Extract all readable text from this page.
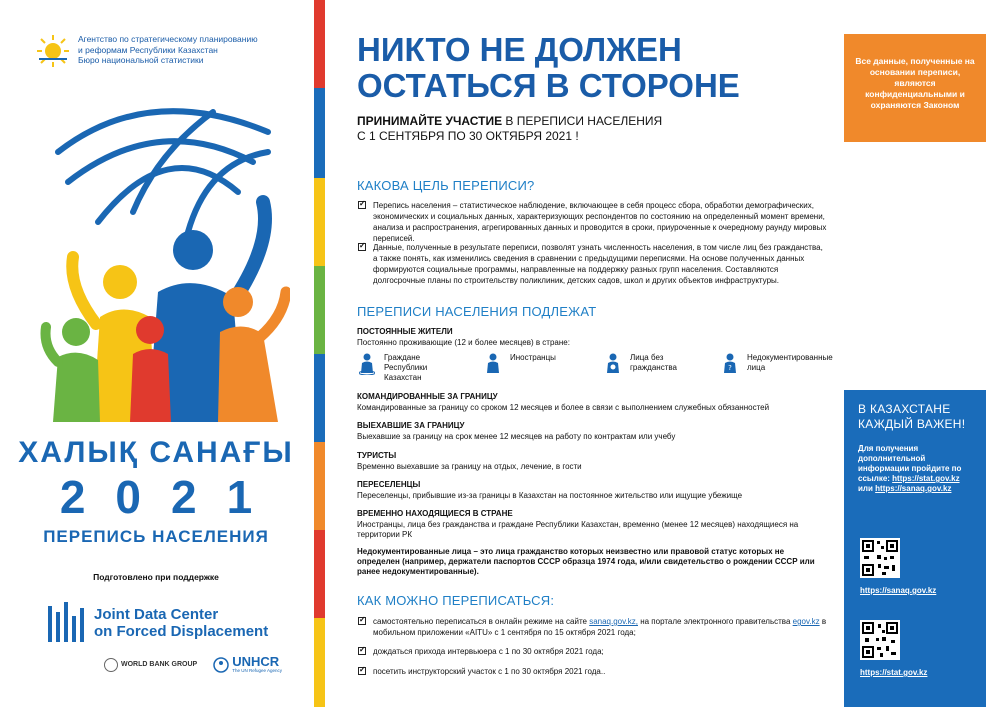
Агентство по стратегическому планированию
и реформам Республики Казахстан
Бюро национальной статистики
ХАЛЫҚ САНАҒЫ
2021
ПЕРЕПИСЬ НАСЕЛЕНИЯ
Подготовлено при поддержке
Joint Data Center
on Forced Displacement
WORLD BANK GROUP	UNHCR
The UN Refugee Agency
НИКТО НЕ ДОЛЖЕН
ОСТАТЬСЯ В СТОРОНЕ
ПРИНИМАЙТЕ УЧАСТИЕ В ПЕРЕПИСИ НАСЕЛЕНИЯ
С 1 СЕНТЯБРЯ ПО 30 ОКТЯБРЯ 2021 !
КАКОВА ЦЕЛЬ ПЕРЕПИСИ?
✓
Перепись населения – статистическое наблюдение, включающее в себя процесс сбора, обработки демографических, экономических и социальных данных, характеризующих респондентов по состоянию на определенный момент времени, анализа и распространения, агрегированных данных и проводится в сроки, приуроченные к очередному раунду мировых переписей.
✓
Данные, полученные в результате переписи, позволят узнать численность населения, в том числе лиц без гражданства, а также понять, как изменились сведения в сравнении с предыдущими переписями. На основе полученных данных формируются социальные программы, направленные на поддержку разных групп населения. Составляются долгосрочные планы по строительству поликлиник, детских садов, школ и других объектов инфраструктуры.
ПЕРЕПИСИ НАСЕЛЕНИЯ ПОДЛЕЖАТ
ПОСТОЯННЫЕ ЖИТЕЛИ
Постоянно проживающие (12 и более месяцев) в стране:
Граждане Республики Казахстан
Иностранцы	Лица без гражданства	?
Недокументированные лица
КОМАНДИРОВАННЫЕ ЗА ГРАНИЦУ
Командированные за границу со сроком 12 месяцев и более в связи с выполнением служебных обязанностей
ВЫЕХАВШИЕ ЗА ГРАНИЦУ
Выехавшие за границу на срок менее 12 месяцев на работу по контрактам или учебу
ТУРИСТЫ
Временно выехавшие за границу на отдых, лечение, в гости
ПЕРЕСЕЛЕНЦЫ
Переселенцы, прибывшие из-за границы в Казахстан на постоянное жительство или ищущие убежище
ВРЕМЕННО НАХОДЯЩИЕСЯ В СТРАНЕ
Иностранцы, лица без гражданства и граждане Республики Казахстан, временно (менее 12 месяцев) находящиеся на территории РК
Недокументированные лица – это лица гражданство которых неизвестно или правовой статус которых не определен (например, держатели паспортов СССР образца 1974 года, и/или свидетельство о рождении СССР или ранее недокументированные).
КАК МОЖНО ПЕРЕПИСАТЬСЯ:
✓
самостоятельно переписаться в онлайн режиме на сайте sanaq.gov.kz, на портале электронного правительства egov.kz в мобильном приложении «AITU» с 1 сентября по 15 октября 2021 года;
✓
дождаться прихода интервьюера с 1 по 30 октября 2021 года;
✓
посетить инструкторский участок с 1 по 30 октября 2021 года..
Все данные, полученные на основании переписи, являются конфиденциальными и охраняются Законом
В КАЗАХСТАНЕ КАЖДЫЙ ВАЖЕН!
Для получения дополнительной информации пройдите по ссылке: https://stat.gov.kz или https://sanaq.gov.kz
https://sanaq.gov.kz
https://stat.gov.kz
